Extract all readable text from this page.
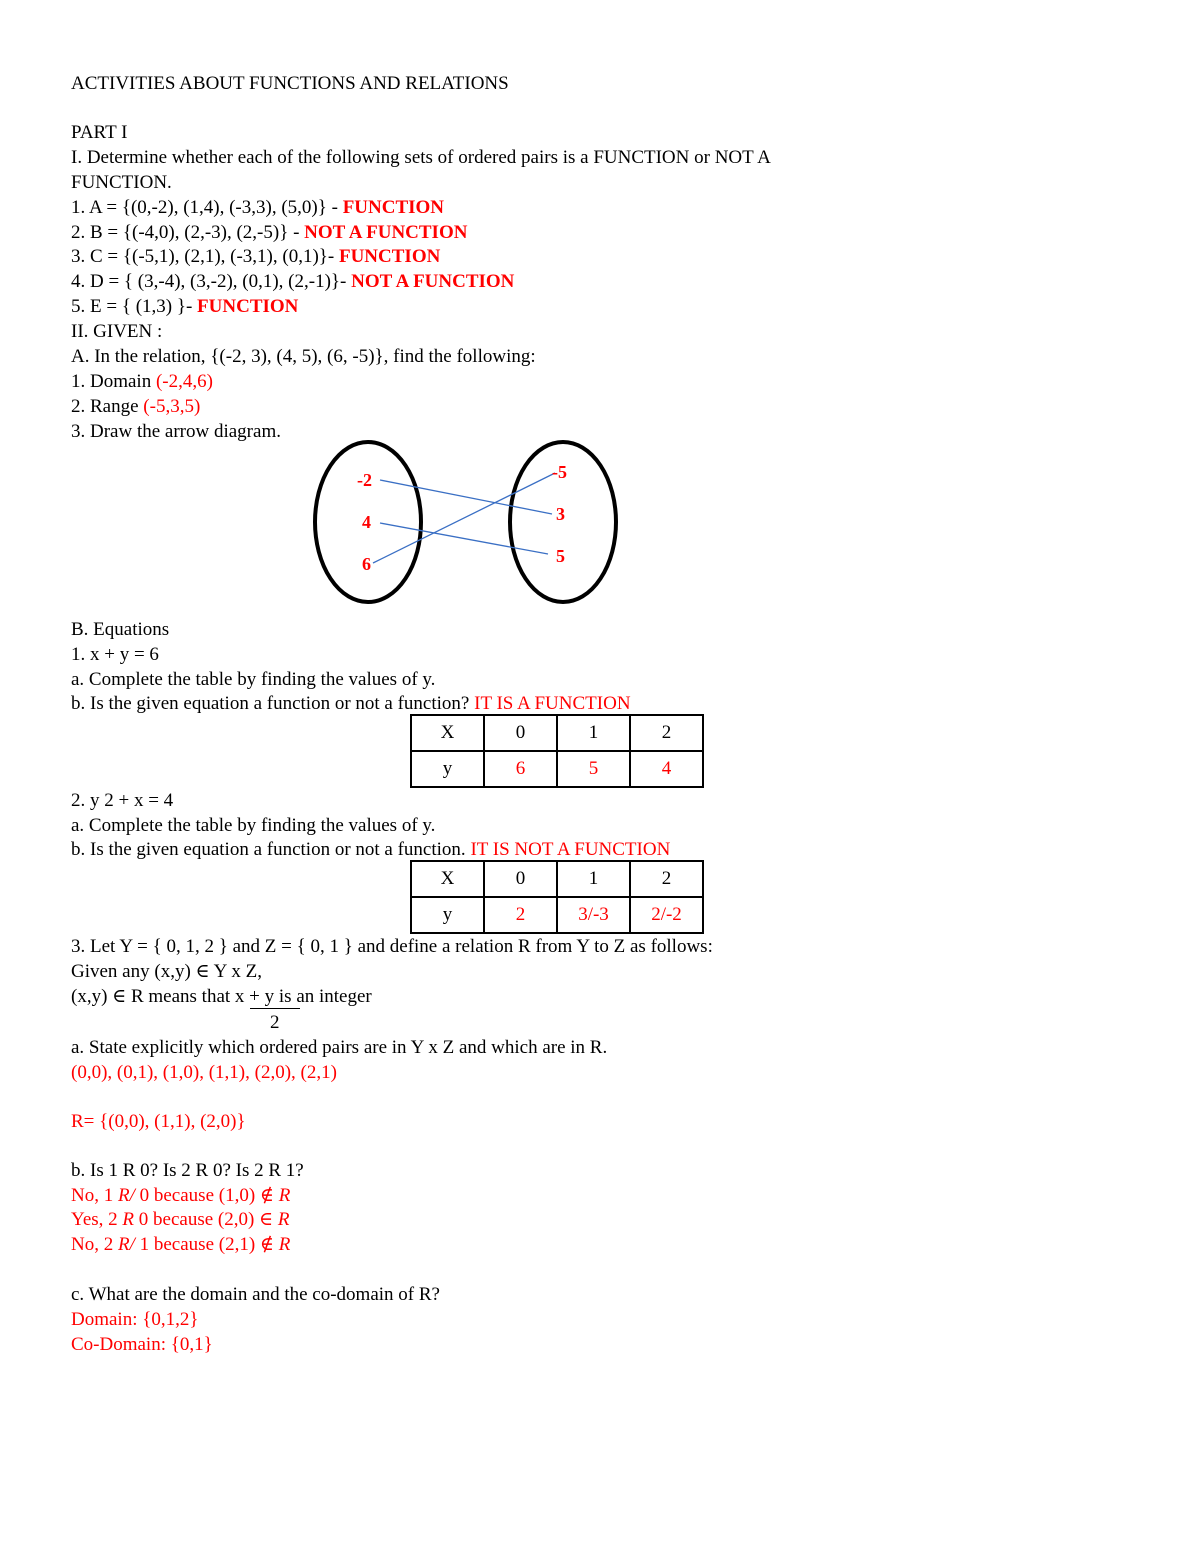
ACTIVITIES ABOUT FUNCTIONS AND RELATIONS
PART I
I. Determine whether each of the following sets of ordered pairs is a FUNCTION or NOT A
FUNCTION.
1. A = {(0,-2), (1,4), (-3,3), (5,0)} - FUNCTION
2. B = {(-4,0), (2,-3), (2,-5)} - NOT A FUNCTION
3. C = {(-5,1), (2,1), (-3,1), (0,1)}- FUNCTION
4. D = { (3,-4), (3,-2), (0,1), (2,-1)}- NOT A FUNCTION
5. E = { (1,3) }- FUNCTION
II. GIVEN :
A. In the relation, {(-2, 3), (4, 5), (6, -5)}, find the following:
1. Domain (-2,4,6)
2. Range (-5,3,5)
3. Draw the arrow diagram.
-2
4
6
-5
3
5
B. Equations
1. x + y = 6
a. Complete the table by finding the values of y.
b. Is the given equation a function or not a function? IT IS A FUNCTION
X	0	1	2
y	6	5	4
2. y 2 + x = 4
a. Complete the table by finding the values of y.
b. Is the given equation a function or not a function. IT IS NOT A FUNCTION
X	0	1	2
y	2	3/-3	2/-2
3. Let Y = { 0, 1, 2 } and Z = { 0, 1 } and define a relation R from Y to Z as follows:
Given any (x,y) ∈ Y x Z,
(x,y) ∈ R means that x + y is an integer
2
a. State explicitly which ordered pairs are in Y x Z and which are in R.
(0,0), (0,1), (1,0), (1,1), (2,0), (2,1)
R= {(0,0), (1,1), (2,0)}
b. Is 1 R 0? Is 2 R 0? Is 2 R 1?
No, 1 R/ 0 because (1,0) ∉ R
Yes, 2 R 0 because (2,0) ∈ R
No, 2 R/ 1 because (2,1) ∉ R
c. What are the domain and the co-domain of R?
Domain: {0,1,2}
Co-Domain: {0,1}
